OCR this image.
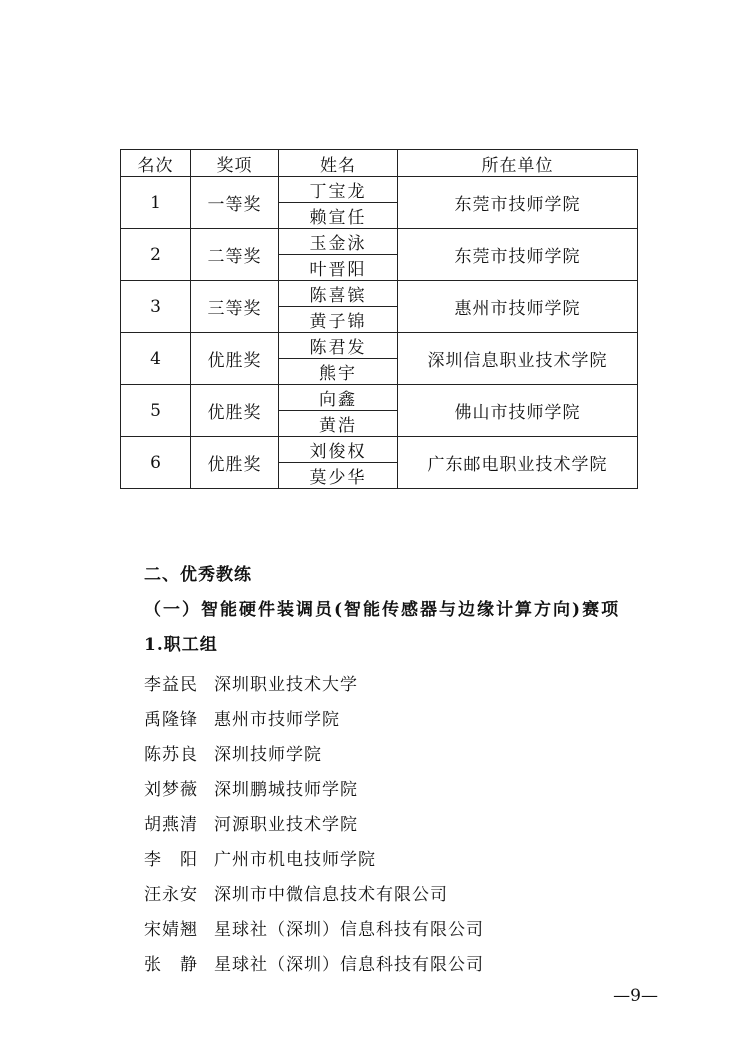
名次	奖项	姓名	所在单位
1	一等奖	丁宝龙	东莞市技师学院
		赖宣任	
2	二等奖	玉金泳	东莞市技师学院
		叶晋阳	
3	三等奖	陈喜镔	惠州市技师学院
		黄子锦	
4	优胜奖	陈君发	深圳信息职业技术学院
		熊宇	
5	优胜奖	向鑫	佛山市技师学院
		黄浩	
6	优胜奖	刘俊权	广东邮电职业技术学院
		莫少华	
二、优秀教练
（一）智能硬件装调员(智能传感器与边缘计算方向)赛项
1.职工组
李益民 深圳职业技术大学
禹隆锋 惠州市技师学院
陈苏良 深圳技师学院
刘梦薇 深圳鹏城技师学院
胡燕清 河源职业技术学院
李　阳 广州市机电技师学院
汪永安 深圳市中微信息技术有限公司
宋婧翘 星球社（深圳）信息科技有限公司
张　静 星球社（深圳）信息科技有限公司
—9—
